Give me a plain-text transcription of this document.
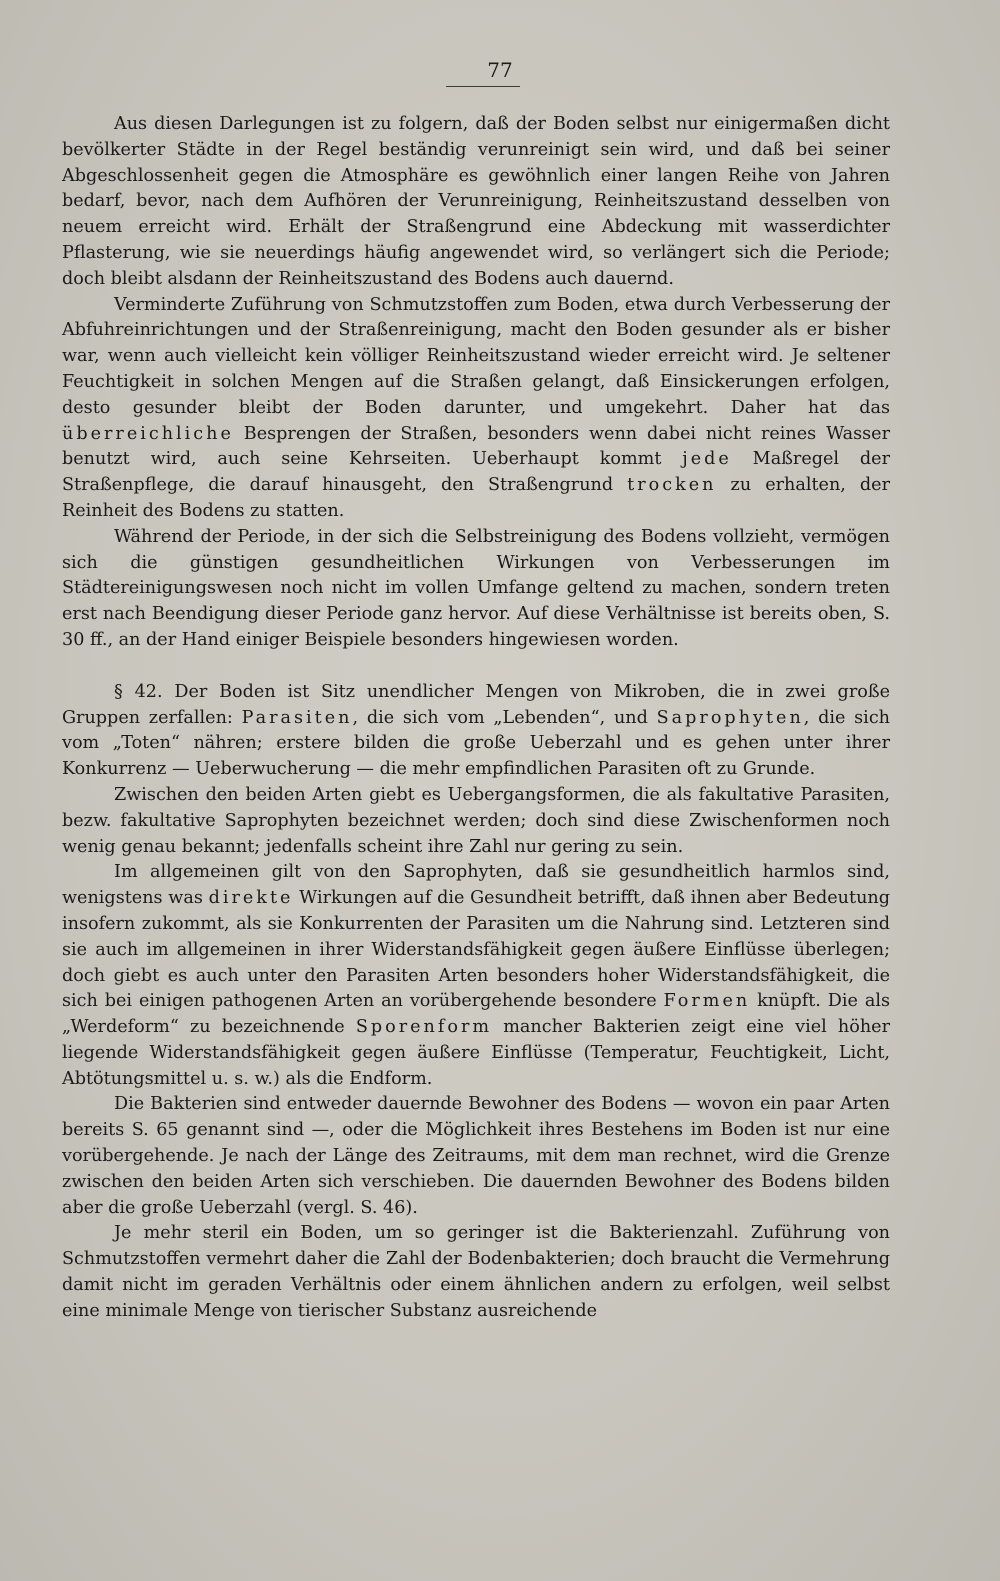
77

Aus diesen Darlegungen ist zu folgern, daß der Boden selbst nur einigermaßen dicht bevölkerter Städte in der Regel beständig verunreinigt sein wird, und daß bei seiner Abgeschlossenheit gegen die Atmosphäre es gewöhnlich einer langen Reihe von Jahren bedarf, bevor, nach dem Aufhören der Verunreinigung, Reinheitszustand desselben von neuem erreicht wird. Erhält der Straßengrund eine Abdeckung mit wasserdichter Pflasterung, wie sie neuerdings häufig angewendet wird, so verlängert sich die Periode; doch bleibt alsdann der Reinheitszustand des Bodens auch dauernd.

Verminderte Zuführung von Schmutzstoffen zum Boden, etwa durch Verbesserung der Abfuhreinrichtungen und der Straßenreinigung, macht den Boden gesunder als er bisher war, wenn auch vielleicht kein völliger Reinheitszustand wieder erreicht wird. Je seltener Feuchtigkeit in solchen Mengen auf die Straßen gelangt, daß Einsickerungen erfolgen, desto gesunder bleibt der Boden darunter, und umgekehrt. Daher hat das überreichliche Besprengen der Straßen, besonders wenn dabei nicht reines Wasser benutzt wird, auch seine Kehrseiten. Ueberhaupt kommt jede Maßregel der Straßenpflege, die darauf hinausgeht, den Straßengrund trocken zu erhalten, der Reinheit des Bodens zu statten.

Während der Periode, in der sich die Selbstreinigung des Bodens vollzieht, vermögen sich die günstigen gesundheitlichen Wirkungen von Verbesserungen im Städtereinigungswesen noch nicht im vollen Umfange geltend zu machen, sondern treten erst nach Beendigung dieser Periode ganz hervor. Auf diese Verhältnisse ist bereits oben, S. 30 ff., an der Hand einiger Beispiele besonders hingewiesen worden.

§ 42. Der Boden ist Sitz unendlicher Mengen von Mikroben, die in zwei große Gruppen zerfallen: Parasiten, die sich vom „Lebenden“, und Saprophyten, die sich vom „Toten“ nähren; erstere bilden die große Ueberzahl und es gehen unter ihrer Konkurrenz — Ueberwucherung — die mehr empfindlichen Parasiten oft zu Grunde.

Zwischen den beiden Arten giebt es Uebergangsformen, die als fakultative Parasiten, bezw. fakultative Saprophyten bezeichnet werden; doch sind diese Zwischenformen noch wenig genau bekannt; jedenfalls scheint ihre Zahl nur gering zu sein.

Im allgemeinen gilt von den Saprophyten, daß sie gesundheitlich harmlos sind, wenigstens was direkte Wirkungen auf die Gesundheit betrifft, daß ihnen aber Bedeutung insofern zukommt, als sie Konkurrenten der Parasiten um die Nahrung sind. Letzteren sind sie auch im allgemeinen in ihrer Widerstandsfähigkeit gegen äußere Einflüsse überlegen; doch giebt es auch unter den Parasiten Arten besonders hoher Widerstandsfähigkeit, die sich bei einigen pathogenen Arten an vorübergehende besondere Formen knüpft. Die als „Werdeform“ zu bezeichnende Sporenform mancher Bakterien zeigt eine viel höher liegende Widerstandsfähigkeit gegen äußere Einflüsse (Temperatur, Feuchtigkeit, Licht, Abtötungsmittel u. s. w.) als die Endform.

Die Bakterien sind entweder dauernde Bewohner des Bodens — wovon ein paar Arten bereits S. 65 genannt sind —, oder die Möglichkeit ihres Bestehens im Boden ist nur eine vorübergehende. Je nach der Länge des Zeitraums, mit dem man rechnet, wird die Grenze zwischen den beiden Arten sich verschieben. Die dauernden Bewohner des Bodens bilden aber die große Ueberzahl (vergl. S. 46).

Je mehr steril ein Boden, um so geringer ist die Bakterienzahl. Zuführung von Schmutzstoffen vermehrt daher die Zahl der Bodenbakterien; doch braucht die Vermehrung damit nicht im geraden Verhältnis oder einem ähnlichen andern zu erfolgen, weil selbst eine minimale Menge von tierischer Substanz ausreichende
